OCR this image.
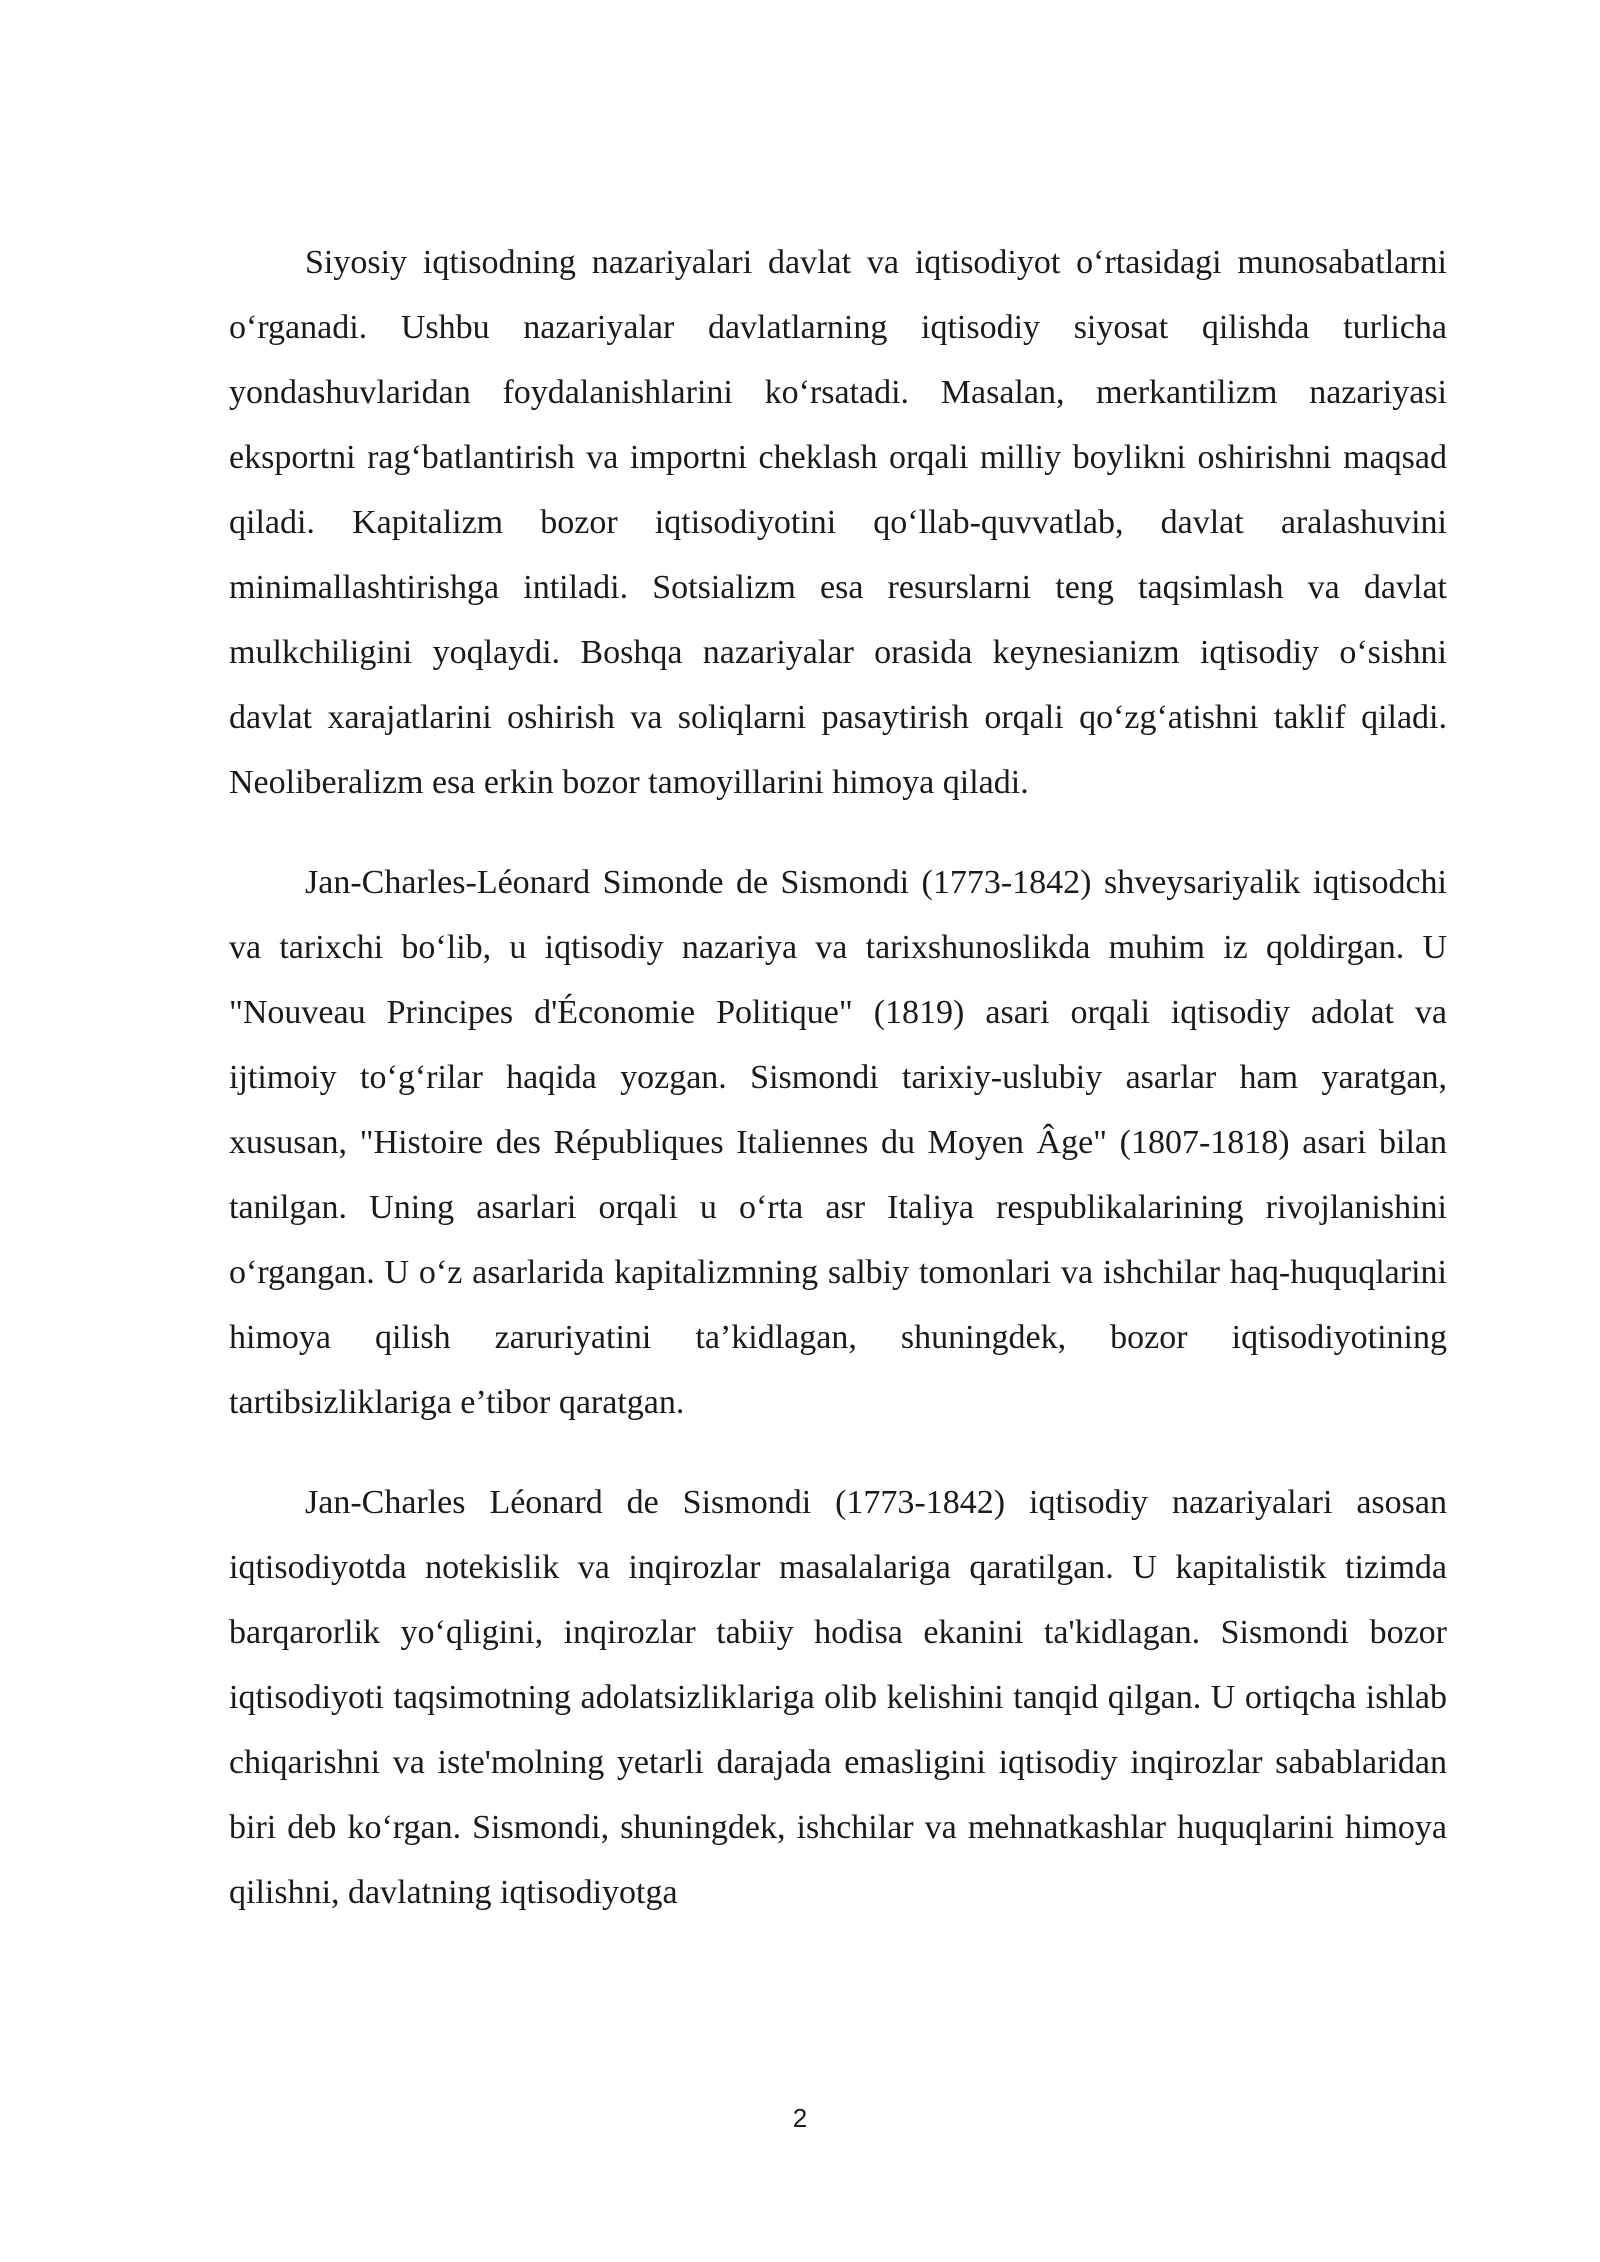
Siyosiy iqtisodning nazariyalari davlat va iqtisodiyot o‘rtasidagi munosabatlarni o‘rganadi. Ushbu nazariyalar davlatlarning iqtisodiy siyosat qilishda turlicha yondashuvlaridan foydalanishlarini ko‘rsatadi. Masalan, merkantilizm nazariyasi eksportni rag‘batlantirish va importni cheklash orqali milliy boylikni oshirishni maqsad qiladi. Kapitalizm bozor iqtisodiyotini qo‘llab-quvvatlab, davlat aralashuvini minimallashtirishga intiladi. Sotsializm esa resurslarni teng taqsimlash va davlat mulkchiligini yoqlaydi. Boshqa nazariyalar orasida keynesianizm iqtisodiy o‘sishni davlat xarajatlarini oshirish va soliqlarni pasaytirish orqali qo‘zg‘atishni taklif qiladi. Neoliberalizm esa erkin bozor tamoyillarini himoya qiladi.

Jan-Charles-Léonard Simonde de Sismondi (1773-1842) shveysariyalik iqtisodchi va tarixchi bo‘lib, u iqtisodiy nazariya va tarixshunoslikda muhim iz qoldirgan. U "Nouveau Principes d'Économie Politique" (1819) asari orqali iqtisodiy adolat va ijtimoiy to‘g‘rilar haqida yozgan. Sismondi tarixiy-uslubiy asarlar ham yaratgan, xususan, "Histoire des Républiques Italiennes du Moyen Âge" (1807-1818) asari bilan tanilgan. Uning asarlari orqali u o‘rta asr Italiya respublikalarining rivojlanishini o‘rgangan. U o‘z asarlarida kapitalizmning salbiy tomonlari va ishchilar haq-huquqlarini himoya qilish zaruriyatini ta’kidlagan, shuningdek, bozor iqtisodiyotining tartibsizliklariga e’tibor qaratgan.

Jan-Charles Léonard de Sismondi (1773-1842) iqtisodiy nazariyalari asosan iqtisodiyotda notekislik va inqirozlar masalalariga qaratilgan. U kapitalistik tizimda barqarorlik yo‘qligini, inqirozlar tabiiy hodisa ekanini ta'kidlagan. Sismondi bozor iqtisodiyoti taqsimotning adolatsizliklariga olib kelishini tanqid qilgan. U ortiqcha ishlab chiqarishni va iste'molning yetarli darajada emasligini iqtisodiy inqirozlar sabablaridan biri deb ko‘rgan. Sismondi, shuningdek, ishchilar va mehnatkashlar huquqlarini himoya qilishni, davlatning iqtisodiyotga

2
